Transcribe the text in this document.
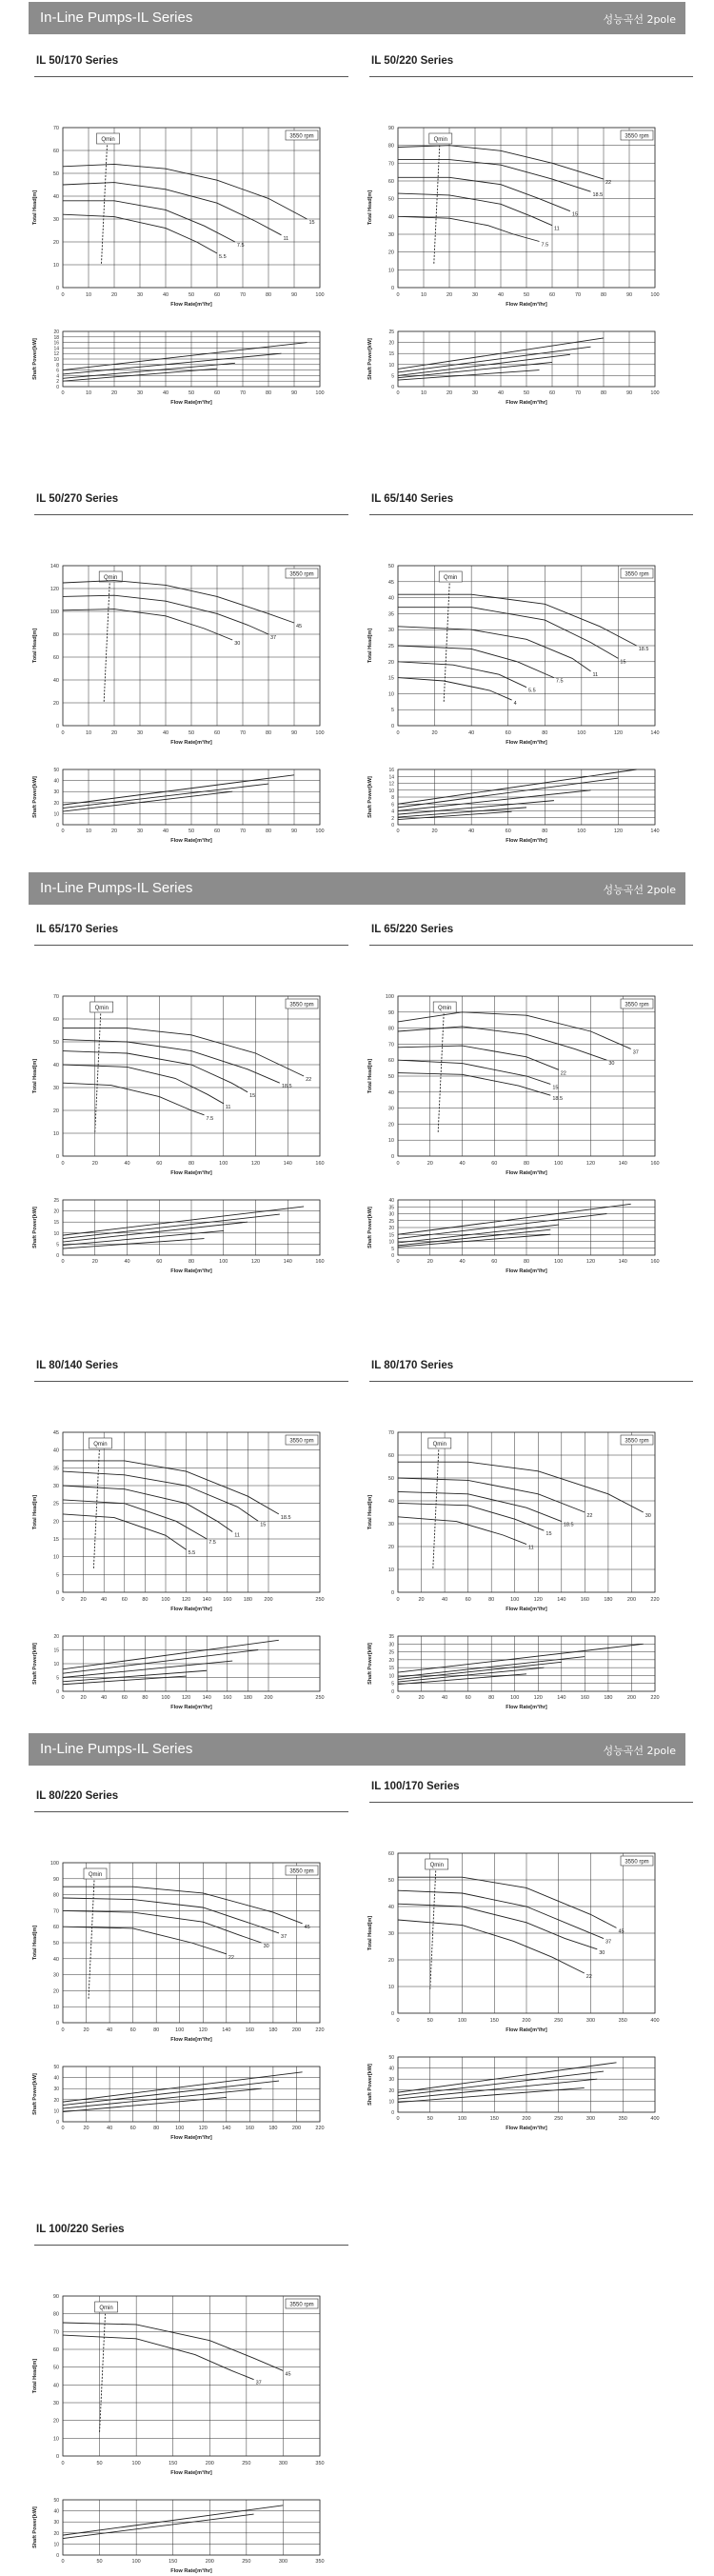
In-Line Pumps-IL Series	성능곡선 2pole
In-Line Pumps-IL Series	성능곡선 2pole
In-Line Pumps-IL Series	성능곡선 2pole
IL 50/170 Series
0	10	20	30	40	50	60	70	80	90	100
0
10
20
30
40
50
60
70
Flow Rate[m³/hr]
Total Head[m]
3550 rpm
Qmin
15
11
7.5
5.5
0	10	20	30	40	50	60	70	80	90	100
0
2
4
6
8
10
12
14
16
18
20
Flow Rate[m³/hr]
Shaft Power[kW]
IL 50/220 Series
0	10	20	30	40	50	60	70	80	90	100
0
10
20
30
40
50
60
70
80
90
Flow Rate[m³/hr]
Total Head[m]
3550 rpm
Qmin
22
18.5
15
11
7.5
0	10	20	30	40	50	60	70	80	90	100
0
5
10
15
20
25
Flow Rate[m³/hr]
Shaft Power[kW]
IL 50/270 Series
0	10	20	30	40	50	60	70	80	90	100
0
20
40
60
80
100
120
140
Flow Rate[m³/hr]
Total Head[m]
3550 rpm
Qmin
45
37
30
0	10	20	30	40	50	60	70	80	90	100
0
10
20
30
40
50
Flow Rate[m³/hr]
Shaft Power[kW]
IL 65/140 Series
0	20	40	60	80	100	120	140
0
5
10
15
20
25
30
35
40
45
50
Flow Rate[m³/hr]
Total Head[m]
3550 rpm
Qmin
18.5
15
11
7.5
5.5
4
0	20	40	60	80	100	120	140
0
2
4
6
8
10
12
14
16
Flow Rate[m³/hr]
Shaft Power[kW]
IL 65/170 Series
0	20	40	60	80	100	120	140	160
0
10
20
30
40
50
60
70
Flow Rate[m³/hr]
Total Head[m]
3550 rpm
Qmin
22
18.5
15
11
7.5
0	20	40	60	80	100	120	140	160
0
5
10
15
20
25
Flow Rate[m³/hr]
Shaft Power[kW]
IL 65/220 Series
0	20	40	60	80	100	120	140	160
0
10
20
30
40
50
60
70
80
90
100
Flow Rate[m³/hr]
Total Head[m]
3550 rpm
Qmin
37
30
22
15
18.5
0	20	40	60	80	100	120	140	160
0
5
10
15
20
25
30
35
40
Flow Rate[m³/hr]
Shaft Power[kW]
IL 80/140 Series
0	20	40	60	80	100 120 140 160 180 200	250
0
5
10
15
20
25
30
35
40
45
Flow Rate[m³/hr]
Total Head[m]
3550 rpm
Qmin
18.5
15
11
7.5
5.5
0	20	40	60	80	100 120 140 160 180 200	250
0
5
10
15
20
Flow Rate[m³/hr]
Shaft Power[kW]
IL 80/170 Series
0	20	40	60	80	100	120	140	160	180	200	220
0
10
20
30
40
50
60
70
Flow Rate[m³/hr]
Total Head[m]
3550 rpm
Qmin
30
22
18.5
15
11
0	20	40	60	80	100	120	140	160	180	200	220
0
5
10
15
20
25
30
35
Flow Rate[m³/hr]
Shaft Power[kW]
IL 80/220 Series
0	20	40	60	80	100	120	140	160	180	200	220
0
10
20
30
40
50
60
70
80
90
100
Flow Rate[m³/hr]
Total Head[m]
3550 rpm
Qmin
45
37
30
22
0	20	40	60	80	100	120	140	160	180	200	220
0
10
20
30
40
50
Flow Rate[m³/hr]
Shaft Power[kW]
IL 100/170 Series
0	50	100	150	200	250	300	350	400
0
10
20
30
40
50
60
Flow Rate[m³/hr]
Total Head[m]
3550 rpm
Qmin
45
37
30
22
0	50	100	150	200	250	300	350	400
0
10
20
30
40
50
Flow Rate[m³/hr]
Shaft Power[kW]
IL 100/220 Series
0	50	100	150	200	250	300	350
0
10
20
30
40
50
60
70
80
90
Flow Rate[m³/hr]
Total Head[m]
3550 rpm
Qmin
45
37
0	50	100	150	200	250	300	350
0
10
20
30
40
50
Flow Rate[m³/hr]
Shaft Power[kW]
